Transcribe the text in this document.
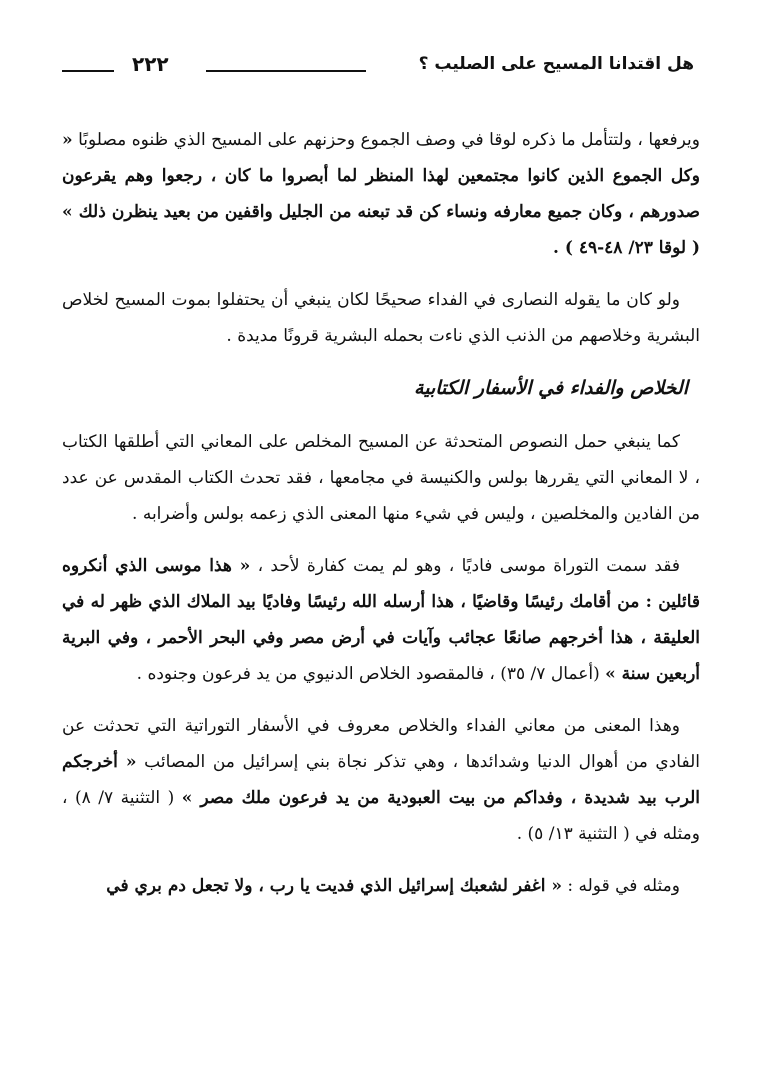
هل اقتدانا المسيح على الصليب ؟
٢٢٢

ويرفعها ، ولتتأمل ما ذكره لوقا في وصف الجموع وحزنهم على المسيح الذي ظنوه مصلوبًا « وكل الجموع الذين كانوا مجتمعين لهذا المنظر لما أبصروا ما كان ، رجعوا وهم يقرعون صدورهم ، وكان جميع معارفه ونساء كن قد تبعنه من الجليل واقفين من بعيد ينظرن ذلك » ( لوقا ٢٣/ ٤٨-٤٩ ) .

ولو كان ما يقوله النصارى في الفداء صحيحًا لكان ينبغي أن يحتفلوا بموت المسيح لخلاص البشرية وخلاصهم من الذنب الذي ناءت بحمله البشرية قرونًا مديدة .

الخلاص والفداء في الأسفار الكتابية

كما ينبغي حمل النصوص المتحدثة عن المسيح المخلص على المعاني التي أطلقها الكتاب ، لا المعاني التي يقررها بولس والكنيسة في مجامعها ، فقد تحدث الكتاب المقدس عن عدد من الفادين والمخلصين ، وليس في شيء منها المعنى الذي زعمه بولس وأضرابه .

فقد سمت التوراة موسى فاديًا ، وهو لم يمت كفارة لأحد ، « هذا موسى الذي أنكروه قائلين : من أقامك رئيسًا وقاضيًا ، هذا أرسله الله رئيسًا وفاديًا بيد الملاك الذي ظهر له في العليقة ، هذا أخرجهم صانعًا عجائب وآيات في أرض مصر وفي البحر الأحمر ، وفي البرية أربعين سنة » (أعمال ٧/ ٣٥) ، فالمقصود الخلاص الدنيوي من يد فرعون وجنوده .

وهذا المعنى من معاني الفداء والخلاص معروف في الأسفار التوراتية التي تحدثت عن الفادي من أهوال الدنيا وشدائدها ، وهي تذكر نجاة بني إسرائيل من المصائب « أخرجكم الرب بيد شديدة ، وفداكم من بيت العبودية من يد فرعون ملك مصر » ( التثنية ٧/ ٨) ، ومثله في ( التثنية ١٣/ ٥) .

ومثله في قوله : « اغفر لشعبك إسرائيل الذي فديت يا رب ، ولا تجعل دم بري في
